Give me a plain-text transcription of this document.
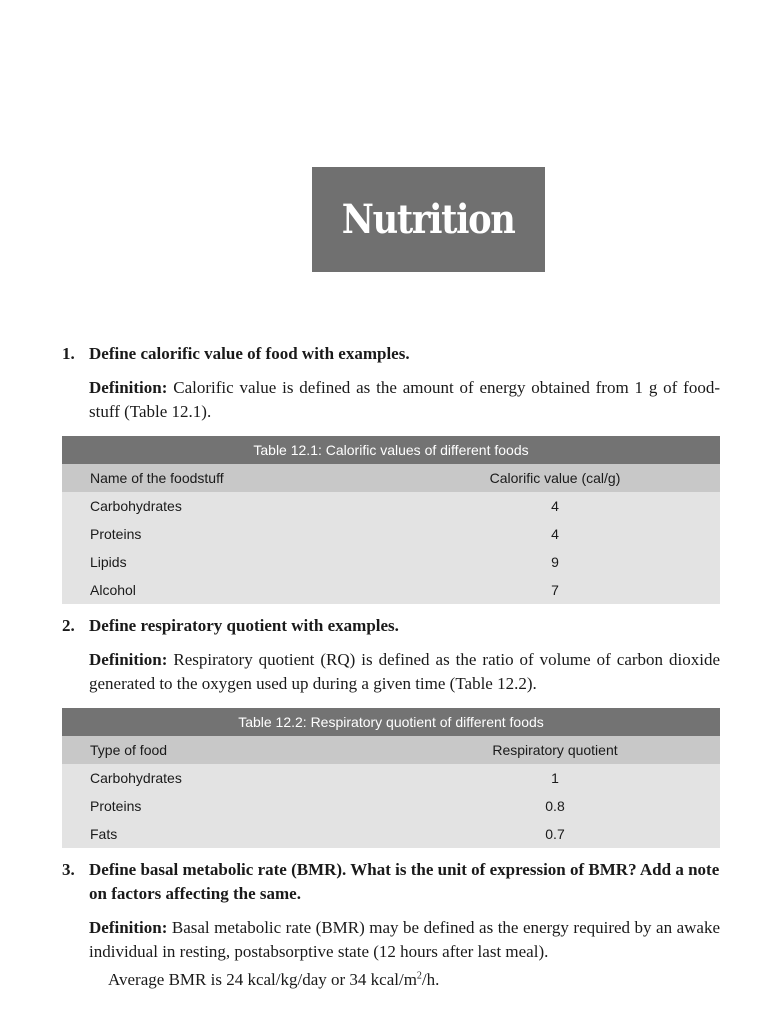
Nutrition
1. Define calorific value of food with examples.
Definition: Calorific value is defined as the amount of energy obtained from 1 g of food-stuff (Table 12.1).
Table 12.1: Calorific values of different foods	
Name of the foodstuff	Calorific value (cal/g)
Carbohydrates	4
Proteins	4
Lipids	9
Alcohol	7
2. Define respiratory quotient with examples.
Definition: Respiratory quotient (RQ) is defined as the ratio of volume of carbon dioxide generated to the oxygen used up during a given time (Table 12.2).
Table 12.2: Respiratory quotient of different foods	
Type of food	Respiratory quotient
Carbohydrates	1
Proteins	0.8
Fats	0.7
3. Define basal metabolic rate (BMR). What is the unit of expression of BMR? Add a note on factors affecting the same.
Definition: Basal metabolic rate (BMR) may be defined as the energy required by an awake individual in resting, postabsorptive state (12 hours after last meal).
Average BMR is 24 kcal/kg/day or 34 kcal/$m^2/h$.
